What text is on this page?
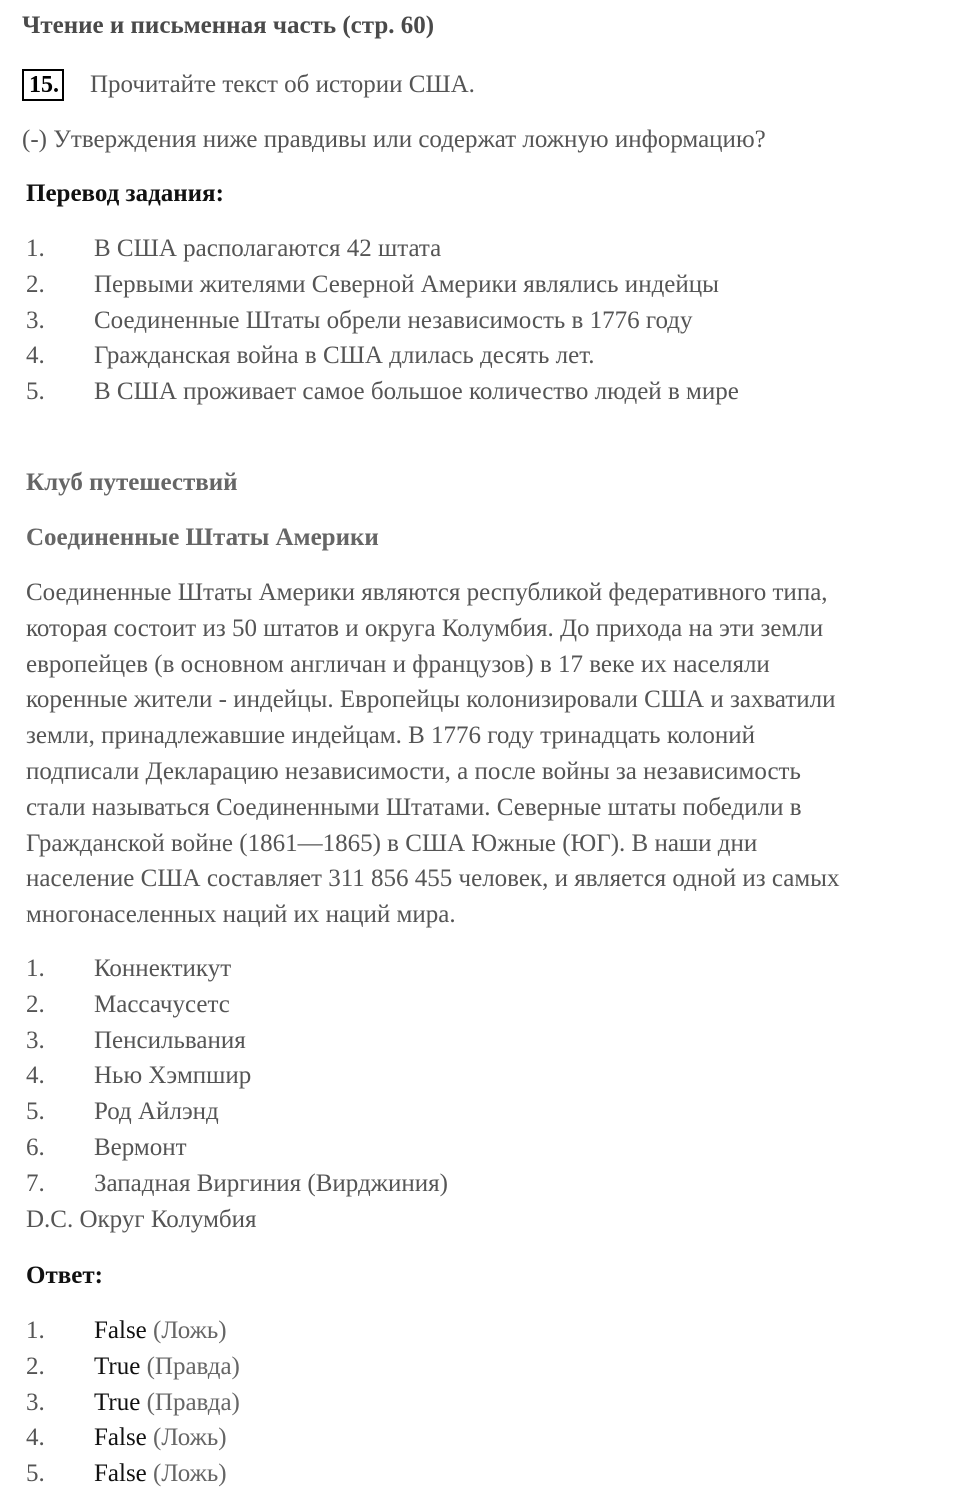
Чтение и письменная часть (стр. 60)
15. Прочитайте текст об истории США.
(-) Утверждения ниже правдивы или содержат ложную информацию?
Перевод задания:
1. В США располагаются 42 штата
2. Первыми жителями Северной Америки являлись индейцы
3. Соединенные Штаты обрели независимость в 1776 году
4. Гражданская война в США длилась десять лет.
5. В США проживает самое большое количество людей в мире
Клуб путешествий
Соединенные Штаты Америки
Соединенные Штаты Америки являются республикой федеративного типа,
которая состоит из 50 штатов и округа Колумбия. До прихода на эти земли
европейцев (в основном англичан и французов) в 17 веке их населяли
коренные жители - индейцы. Европейцы колонизировали США и захватили
земли, принадлежавшие индейцам. В 1776 году тринадцать колоний
подписали Декларацию независимости, а после войны за независимость
стали называться Соединенными Штатами. Северные штаты победили в
Гражданской войне (1861—1865) в США Южные (ЮГ). В наши дни
население США составляет 311 856 455 человек, и является одной из самых
многонаселенных наций их наций мира.
1. Коннектикут
2. Массачусетс
3. Пенсильвания
4. Нью Хэмпшир
5. Род Айлэнд
6. Вермонт
7. Западная Виргиния (Вирджиния)
D.C. Округ Колумбия
Ответ:
1. False (Ложь)
2. True (Правда)
3. True (Правда)
4. False (Ложь)
5. False (Ложь)
